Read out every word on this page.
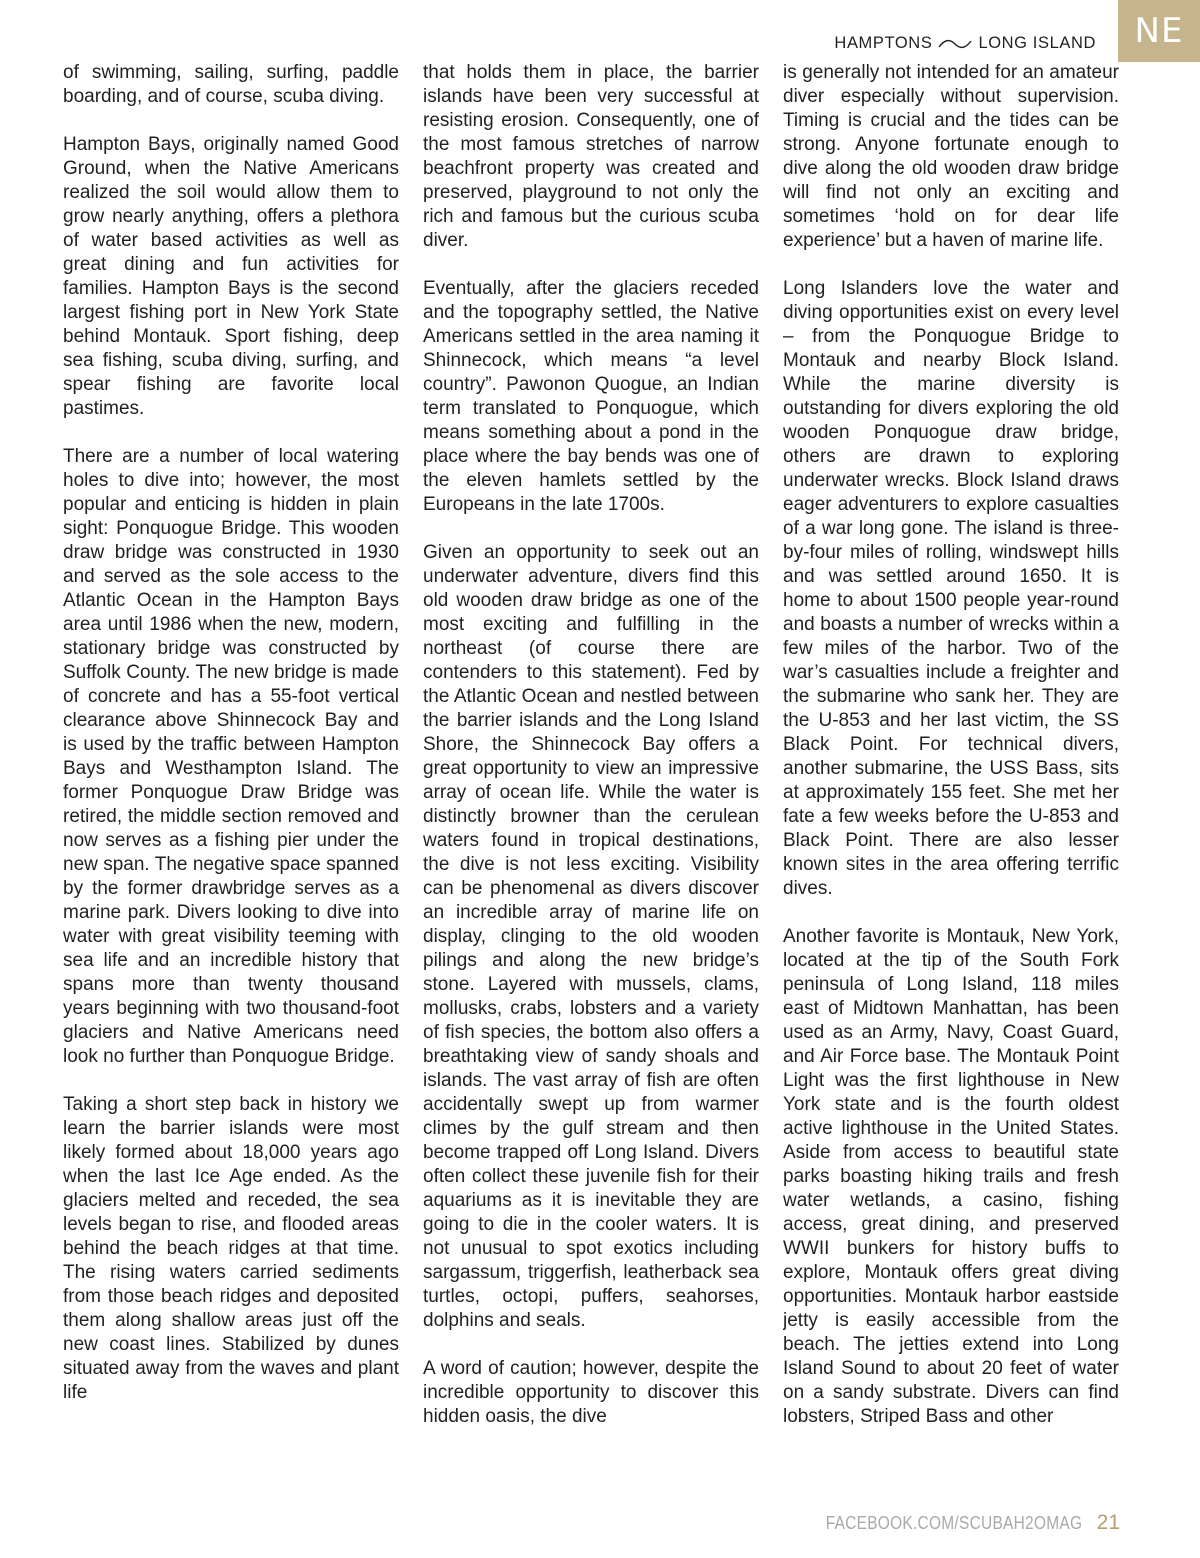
NE
HAMPTONS	LONG ISLAND

of swimming, sailing, surfing, paddle boarding, and of course, scuba diving.

Hampton Bays, originally named Good Ground, when the Native Americans realized the soil would allow them to grow nearly anything, offers a plethora of water based activities as well as great dining and fun activities for families. Hampton Bays is the second largest fishing port in New York State behind Montauk. Sport fishing, deep sea fishing, scuba diving, surfing, and spear fishing are favorite local pastimes.

There are a number of local watering holes to dive into; however, the most popular and enticing is hidden in plain sight: Ponquogue Bridge. This wooden draw bridge was constructed in 1930 and served as the sole access to the Atlantic Ocean in the Hampton Bays area until 1986 when the new, modern, stationary bridge was constructed by Suffolk County. The new bridge is made of concrete and has a 55-foot vertical clearance above Shinnecock Bay and is used by the traffic between Hampton Bays and Westhampton Island. The former Ponquogue Draw Bridge was retired, the middle section removed and now serves as a fishing pier under the new span. The negative space spanned by the former drawbridge serves as a marine park. Divers looking to dive into water with great visibility teeming with sea life and an incredible history that spans more than twenty thousand years beginning with two thousand-foot glaciers and Native Americans need look no further than Ponquogue Bridge.

Taking a short step back in history we learn the barrier islands were most likely formed about 18,000 years ago when the last Ice Age ended. As the glaciers melted and receded, the sea levels began to rise, and flooded areas behind the beach ridges at that time. The rising waters carried sediments from those beach ridges and deposited them along shallow areas just off the new coast lines. Stabilized by dunes situated away from the waves and plant life

that holds them in place, the barrier islands have been very successful at resisting erosion. Consequently, one of the most famous stretches of narrow beachfront property was created and preserved, playground to not only the rich and famous but the curious scuba diver.

Eventually, after the glaciers receded and the topography settled, the Native Americans settled in the area naming it Shinnecock, which means “a level country”. Pawonon Quogue, an Indian term translated to Ponquogue, which means something about a pond in the place where the bay bends was one of the eleven hamlets settled by the Europeans in the late 1700s.

Given an opportunity to seek out an underwater adventure, divers find this old wooden draw bridge as one of the most exciting and fulfilling in the northeast (of course there are contenders to this statement). Fed by the Atlantic Ocean and nestled between the barrier islands and the Long Island Shore, the Shinnecock Bay offers a great opportunity to view an impressive array of ocean life. While the water is distinctly browner than the cerulean waters found in tropical destinations, the dive is not less exciting. Visibility can be phenomenal as divers discover an incredible array of marine life on display, clinging to the old wooden pilings and along the new bridge’s stone. Layered with mussels, clams, mollusks, crabs, lobsters and a variety of fish species, the bottom also offers a breathtaking view of sandy shoals and islands. The vast array of fish are often accidentally swept up from warmer climes by the gulf stream and then become trapped off Long Island. Divers often collect these juvenile fish for their aquariums as it is inevitable they are going to die in the cooler waters. It is not unusual to spot exotics including sargassum, triggerfish, leatherback sea turtles, octopi, puffers, seahorses, dolphins and seals.

A word of caution; however, despite the incredible opportunity to discover this hidden oasis, the dive

is generally not intended for an amateur diver especially without supervision. Timing is crucial and the tides can be strong. Anyone fortunate enough to dive along the old wooden draw bridge will find not only an exciting and sometimes ‘hold on for dear life experience’ but a haven of marine life.

Long Islanders love the water and diving opportunities exist on every level – from the Ponquogue Bridge to Montauk and nearby Block Island. While the marine diversity is outstanding for divers exploring the old wooden Ponquogue draw bridge, others are drawn to exploring underwater wrecks. Block Island draws eager adventurers to explore casualties of a war long gone. The island is three-by-four miles of rolling, windswept hills and was settled around 1650. It is home to about 1500 people year-round and boasts a number of wrecks within a few miles of the harbor. Two of the war’s casualties include a freighter and the submarine who sank her. They are the U-853 and her last victim, the SS Black Point. For technical divers, another submarine, the USS Bass, sits at approximately 155 feet. She met her fate a few weeks before the U-853 and Black Point. There are also lesser known sites in the area offering terrific dives.

Another favorite is Montauk, New York, located at the tip of the South Fork peninsula of Long Island, 118 miles east of Midtown Manhattan, has been used as an Army, Navy, Coast Guard, and Air Force base. The Montauk Point Light was the first lighthouse in New York state and is the fourth oldest active lighthouse in the United States. Aside from access to beautiful state parks boasting hiking trails and fresh water wetlands, a casino, fishing access, great dining, and preserved WWII bunkers for history buffs to explore, Montauk offers great diving opportunities. Montauk harbor eastside jetty is easily accessible from the beach. The jetties extend into Long Island Sound to about 20 feet of water on a sandy substrate. Divers can find lobsters, Striped Bass and other

FACEBOOK.COM/SCUBAH2OMAG 21
